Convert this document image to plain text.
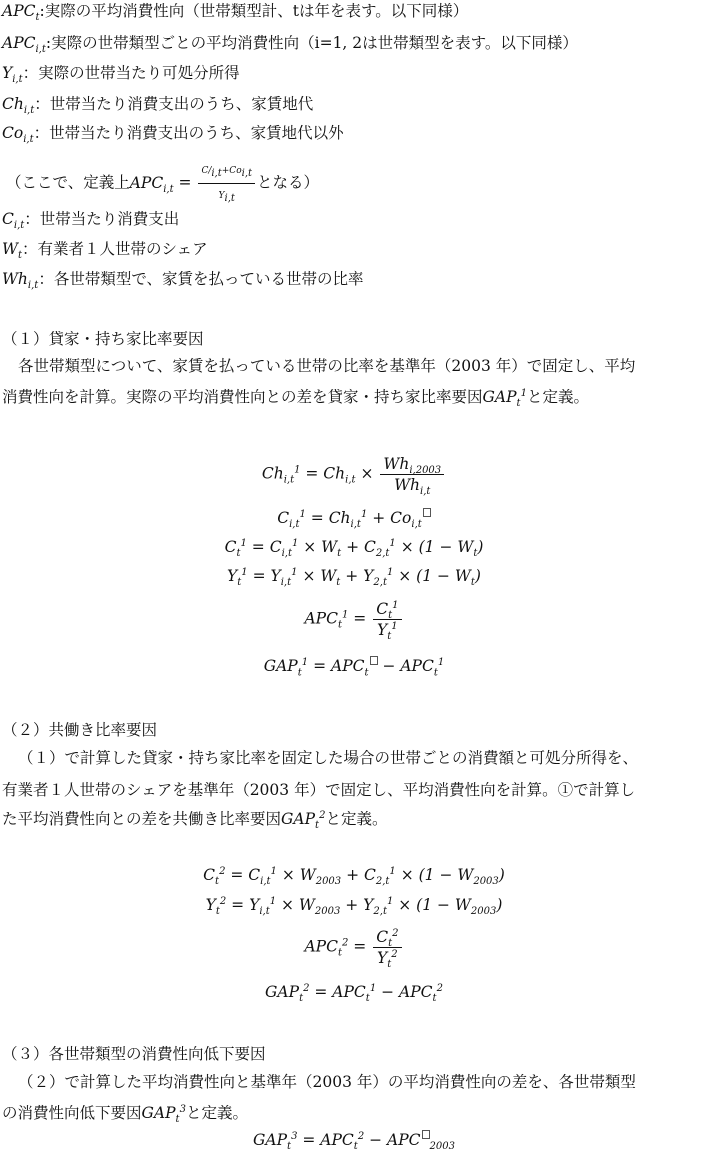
$APC_t$:実際の平均消費性向（世帯類型計、tは年を表す。以下同様）
$APC_{i,t}$:実際の世帯類型ごとの平均消費性向（i=1, 2は世帯類型を表す。以下同様）
$Y_{i,t}$：実際の世帯当たり可処分所得
$Ch_{i,t}$：世帯当たり消費支出のうち、家賃地代
$Co_{i,t}$：世帯当たり消費支出のうち、家賃地代以外
（ここで、定義上$APC_{i,t} = \frac{C/_{i,t}+Co_{i,t}}{Y_{i,t}}$ となる）
$C_{i,t}$：世帯当たり消費支出
$W_t$：有業者１人世帯のシェア
$Wh_{i,t}$：各世帯類型で、家賃を払っている世帯の比率
（１）貸家・持ち家比率要因
各世帯類型について、家賃を払っている世帯の比率を基準年（2003 年）で固定し、平均
消費性向を計算。実際の平均消費性向との差を貸家・持ち家比率要因$GAP_t^1$と定義。
$Ch_{i,t}^1 = Ch_{i,t} \times \frac{Wh_{i,2003}}{Wh_{i,t}}$
$C_{i,t}^1 = Ch_{i,t}^1 + Co_{i,t}$
$C_t^1 = C_{i,t}^1 \times W_t + C_{2,t}^1 \times (1 - W_t)$
$Y_t^1 = Y_{i,t}^1 \times W_t + Y_{2,t}^1 \times (1 - W_t)$
$APC_t^1 = \frac{C_t^1}{Y_t^1}$
$GAP_t^1 = APC_t - APC_t^1$
（２）共働き比率要因
（１）で計算した貸家・持ち家比率を固定した場合の世帯ごとの消費額と可処分所得を、
有業者１人世帯のシェアを基準年（2003 年）で固定し、平均消費性向を計算。①で計算し
た平均消費性向との差を共働き比率要因$GAP_t^2$と定義。
$C_t^2 = C_{i,t}^1 \times W_{2003} + C_{2,t}^1 \times (1 - W_{2003})$
$Y_t^2 = Y_{i,t}^1 \times W_{2003} + Y_{2,t}^1 \times (1 - W_{2003})$
$APC_t^2 = \frac{C_t^2}{Y_t^2}$
$GAP_t^2 = APC_t^1 - APC_t^2$
（３）各世帯類型の消費性向低下要因
（２）で計算した平均消費性向と基準年（2003 年）の平均消費性向の差を、各世帯類型
の消費性向低下要因$GAP_t^3$と定義。
$GAP_t^3 = APC_t^2$ − APC $_{2003}$
